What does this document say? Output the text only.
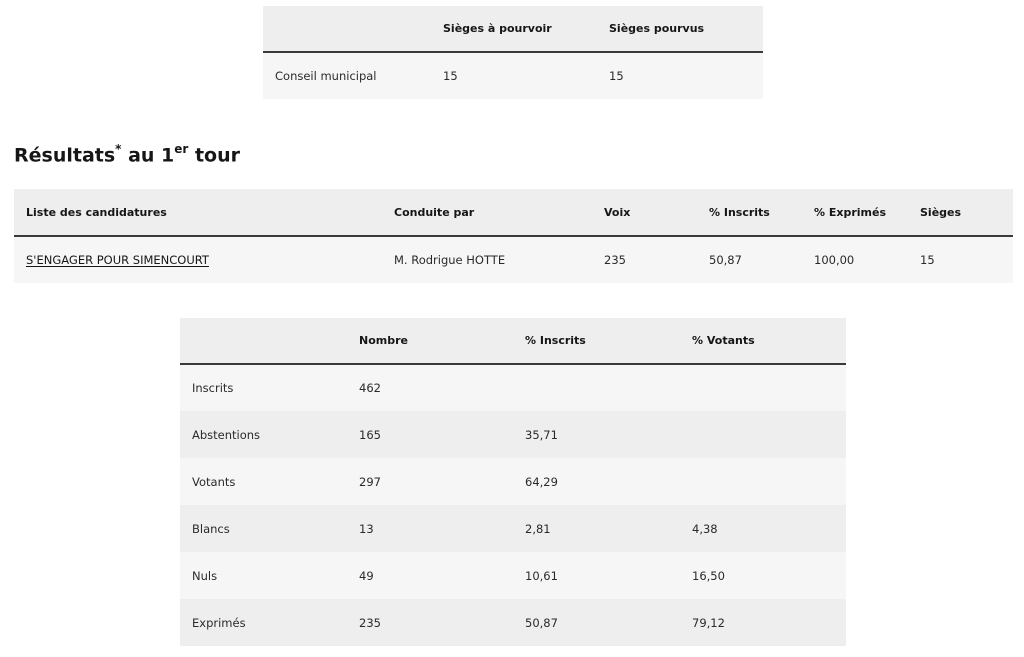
	Sièges à pourvoir	Sièges pourvus
Conseil municipal	15	15
Résultats* au 1er tour
Liste des candidatures	Conduite par	Voix	% Inscrits	% Exprimés	Sièges
S'ENGAGER POUR SIMENCOURT	M. Rodrigue HOTTE	235	50,87	100,00	15
	Nombre	% Inscrits	% Votants
Inscrits	462		
Abstentions	165	35,71	
Votants	297	64,29	
Blancs	13	2,81	4,38
Nuls	49	10,61	16,50
Exprimés	235	50,87	79,12
